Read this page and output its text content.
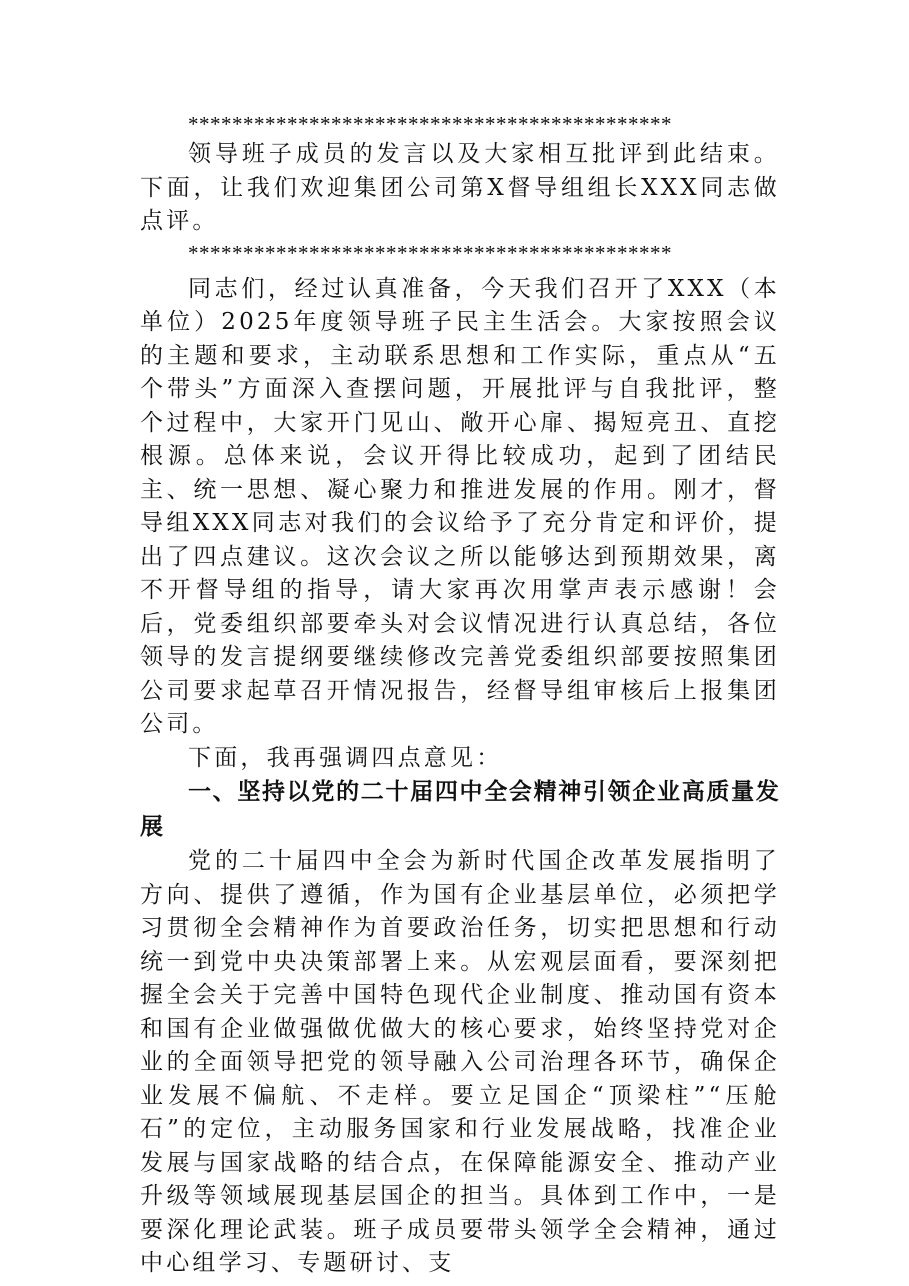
********************************************

领导班子成员的发言以及大家相互批评到此结束。下面，让我们欢迎集团公司第X督导组组长XXX同志做点评。

********************************************

同志们，经过认真准备，今天我们召开了XXX（本单位）2025年度领导班子民主生活会。大家按照会议的主题和要求，主动联系思想和工作实际，重点从“五个带头”方面深入查摆问题，开展批评与自我批评，整个过程中，大家开门见山、敞开心扉、揭短亮丑、直挖根源。总体来说，会议开得比较成功，起到了团结民主、统一思想、凝心聚力和推进发展的作用。刚才，督导组XXX同志对我们的会议给予了充分肯定和评价，提出了四点建议。这次会议之所以能够达到预期效果，离不开督导组的指导，请大家再次用掌声表示感谢！会后，党委组织部要牵头对会议情况进行认真总结，各位领导的发言提纲要继续修改完善党委组织部要按照集团公司要求起草召开情况报告，经督导组审核后上报集团公司。

下面，我再强调四点意见：

一、坚持以党的二十届四中全会精神引领企业高质量发展

党的二十届四中全会为新时代国企改革发展指明了方向、提供了遵循，作为国有企业基层单位，必须把学习贯彻全会精神作为首要政治任务，切实把思想和行动统一到党中央决策部署上来。从宏观层面看，要深刻把握全会关于完善中国特色现代企业制度、推动国有资本和国有企业做强做优做大的核心要求，始终坚持党对企业的全面领导把党的领导融入公司治理各环节，确保企业发展不偏航、不走样。要立足国企“顶梁柱”“压舱石”的定位，主动服务国家和行业发展战略，找准企业发展与国家战略的结合点，在保障能源安全、推动产业升级等领域展现基层国企的担当。具体到工作中，一是要深化理论武装。班子成员要带头领学全会精神，通过中心组学习、专题研讨、支
